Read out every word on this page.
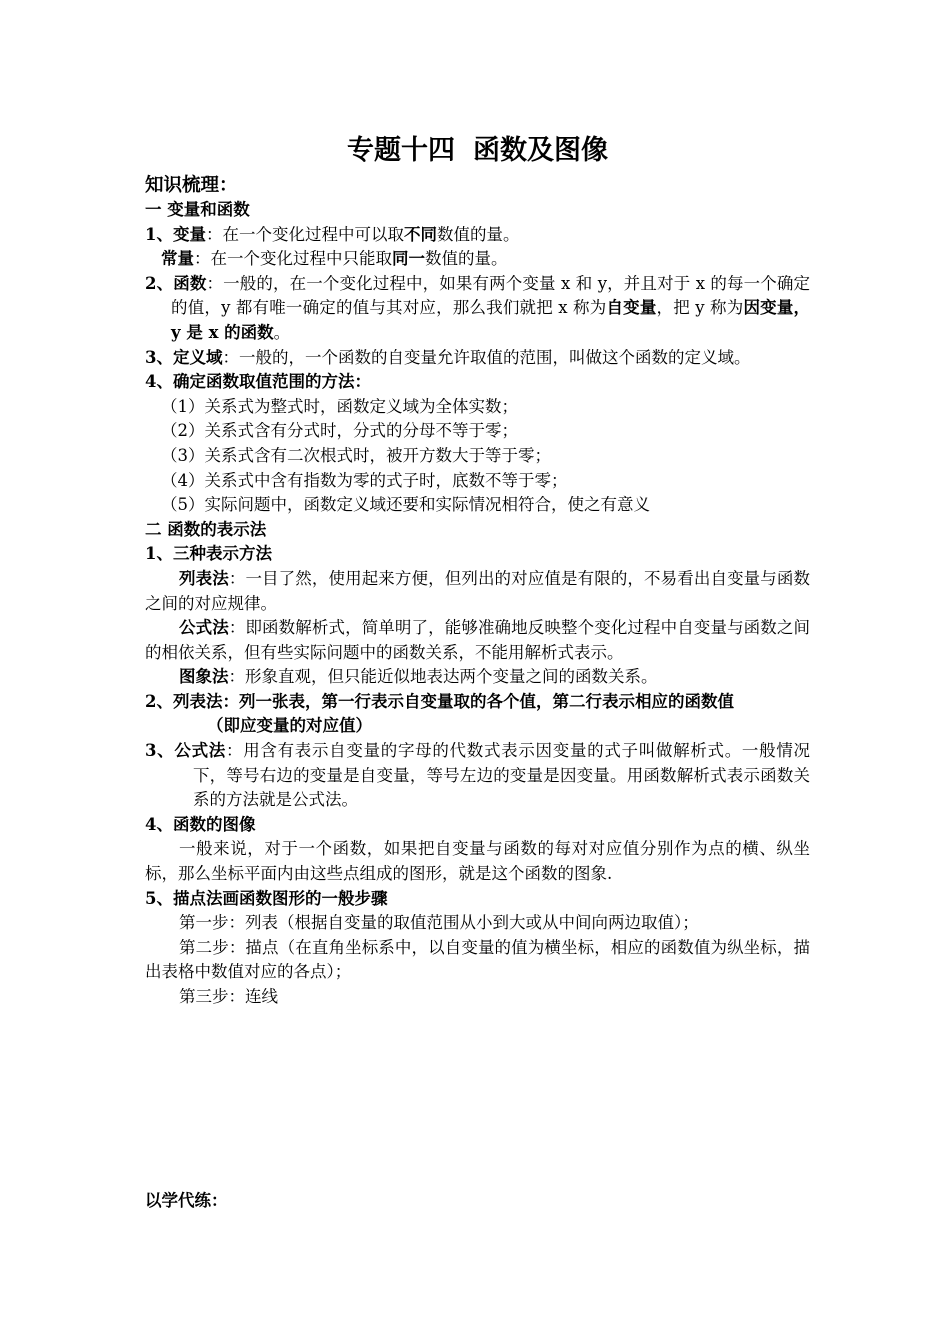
专题十四 函数及图像

知识梳理：

一 变量和函数

1、变量：在一个变化过程中可以取不同数值的量。

常量：在一个变化过程中只能取同一数值的量。

2、函数：一般的，在一个变化过程中，如果有两个变量 x 和 y，并且对于 x 的每一个确定的值，y 都有唯一确定的值与其对应，那么我们就把 x 称为自变量，把 y 称为因变量，y 是 x 的函数。

3、定义域：一般的，一个函数的自变量允许取值的范围，叫做这个函数的定义域。

4、确定函数取值范围的方法：

（1）关系式为整式时，函数定义域为全体实数；

（2）关系式含有分式时，分式的分母不等于零；

（3）关系式含有二次根式时，被开方数大于等于零；

（4）关系式中含有指数为零的式子时，底数不等于零；

（5）实际问题中，函数定义域还要和实际情况相符合，使之有意义

二 函数的表示法

1、三种表示方法

列表法：一目了然，使用起来方便，但列出的对应值是有限的，不易看出自变量与函数之间的对应规律。

公式法：即函数解析式，简单明了，能够准确地反映整个变化过程中自变量与函数之间的相依关系，但有些实际问题中的函数关系，不能用解析式表示。

图象法：形象直观，但只能近似地表达两个变量之间的函数关系。

2、列表法：列一张表，第一行表示自变量取的各个值，第二行表示相应的函数值

（即应变量的对应值）

3、公式法：用含有表示自变量的字母的代数式表示因变量的式子叫做解析式。一般情况下，等号右边的变量是自变量，等号左边的变量是因变量。用函数解析式表示函数关系的方法就是公式法。

4、函数的图像

一般来说，对于一个函数，如果把自变量与函数的每对对应值分别作为点的横、纵坐标，那么坐标平面内由这些点组成的图形，就是这个函数的图象.

5、描点法画函数图形的一般步骤

第一步：列表（根据自变量的取值范围从小到大或从中间向两边取值）；

第二步：描点（在直角坐标系中，以自变量的值为横坐标，相应的函数值为纵坐标，描出表格中数值对应的各点）；

第三步：连线

以学代练：
